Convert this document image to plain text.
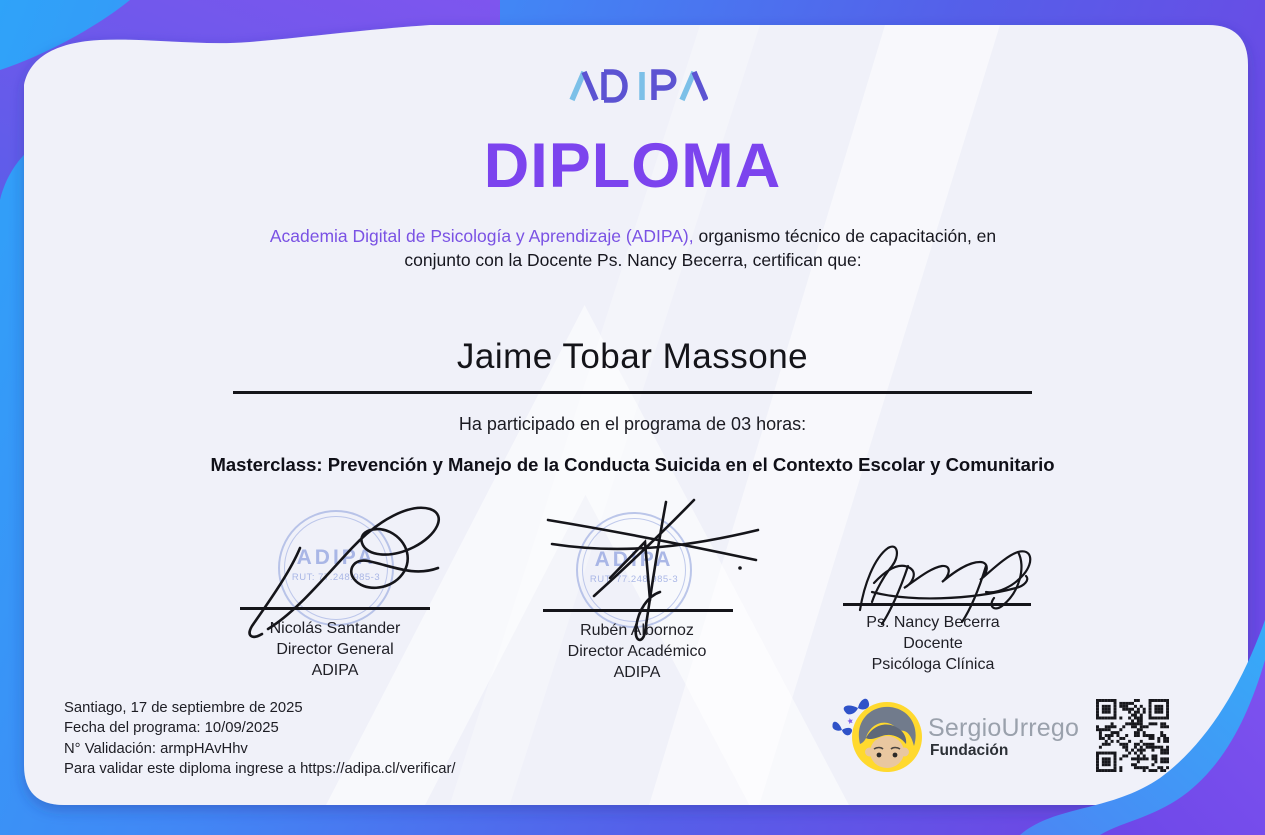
DIPLOMA
Academia Digital de Psicología y Aprendizaje (ADIPA), organismo técnico de capacitación, en conjunto con la Docente Ps. Nancy Becerra, certifican que:
Jaime Tobar Massone
Ha participado en el programa de 03 horas:
Masterclass: Prevención y Manejo de la Conducta Suicida en el Contexto Escolar y Comunitario
ADIPA
RUT: 77.248.985-3
ADIPA
RUT: 77.248.985-3
Nicolás Santander
Director General
ADIPA
Rubén Albornoz
Director Académico
ADIPA
Ps. Nancy Becerra
Docente
Psicóloga Clínica
Santiago, 17 de septiembre de 2025
Fecha del programa: 10/09/2025
N° Validación: armpHAvHhv
Para validar este diploma ingrese a https://adipa.cl/verificar/
SergioUrrego
Fundación
